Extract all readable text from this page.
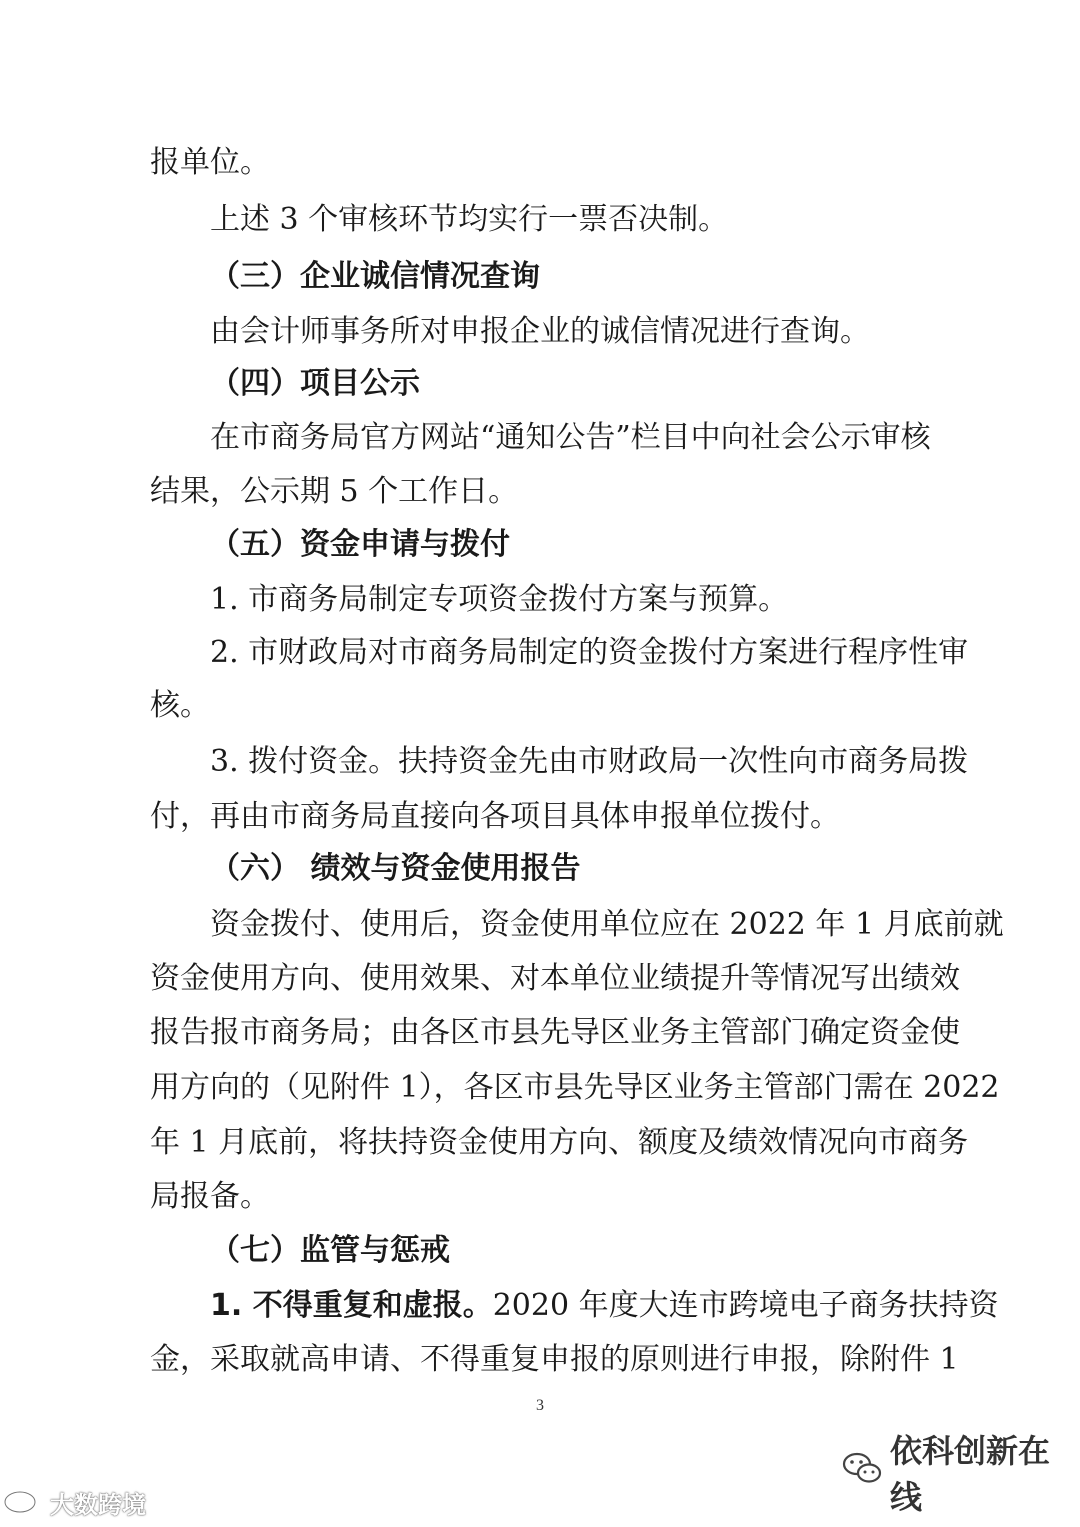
报单位。
上述 3 个审核环节均实行一票否决制。
（三）企业诚信情况查询
由会计师事务所对申报企业的诚信情况进行查询。
（四）项目公示
在市商务局官方网站“通知公告”栏目中向社会公示审核
结果，公示期 5 个工作日。
（五）资金申请与拨付
1. 市商务局制定专项资金拨付方案与预算。
2. 市财政局对市商务局制定的资金拨付方案进行程序性审
核。
3. 拨付资金。扶持资金先由市财政局一次性向市商务局拨
付，再由市商务局直接向各项目具体申报单位拨付。
（六） 绩效与资金使用报告
资金拨付、使用后，资金使用单位应在 2022 年 1 月底前就
资金使用方向、使用效果、对本单位业绩提升等情况写出绩效
报告报市商务局；由各区市县先导区业务主管部门确定资金使
用方向的（见附件 1），各区市县先导区业务主管部门需在 2022
年 1 月底前，将扶持资金使用方向、额度及绩效情况向市商务
局报备。
（七）监管与惩戒
1. 不得重复和虚报。2020 年度大连市跨境电子商务扶持资
金，采取就高申请、不得重复申报的原则进行申报，除附件 1
3
大数跨境
依科创新在线
